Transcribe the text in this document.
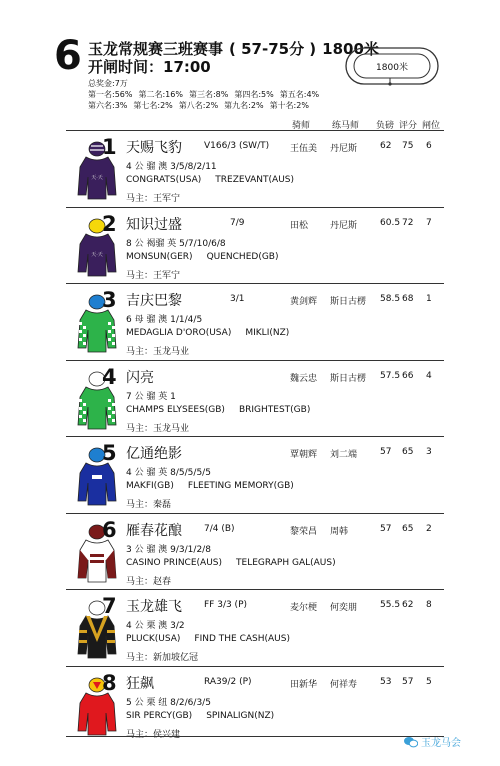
6 玉龙常规赛三班赛事 ( 57-75分 ) 1800米
开闸时间：17:00
总奖金:7万
第一名:56% 第二名:16% 第三名:8% 第四名:5% 第五名:4%
第六名:3% 第七名:2% 第八名:2% 第九名:2% 第十名:2%
1800米
骑师 练马师 负磅 评分 闸位
天·天
1 天赐飞豹 V166/3 (SW/T) 王伍美 丹尼斯	62 75 6
4 公 骝 澳 3/5/8/2/11
CONGRATS(USA) TREZEVANT(AUS)
马主：王军宁
天·天
2 知识过盛	7/9	田松 丹尼斯	60.5 72 7
8 公 褐骝 英 5/7/10/6/8
MONSUN(GER) QUENCHED(GB)
马主：王军宁
3 吉庆巴黎	3/1	黄剑辉 斯日古楞 58.5 68 1
6 母 骝 澳 1/1/4/5
MEDAGLIA D'ORO(USA) MIKLI(NZ)
马主：玉龙马业
4 闪亮	魏云忠 斯日古楞 57.5 66 4
7 公 骝 英 1
CHAMPS ELYSEES(GB) BRIGHTEST(GB)
马主：玉龙马业
5 亿通绝影	覃朝辉 刘二端	57 65 3
4 公 骝 英 8/5/5/5/5
MAKFI(GB) FLEETING MEMORY(GB)
马主：秦磊
6 雁春花酿 7/4 (B)	黎荣昌 周韩	57 65 2
3 公 骝 澳 9/3/1/2/8
CASINO PRINCE(AUS) TELEGRAPH GAL(AUS)
马主：赵春
7 玉龙雄飞 FF 3/3 (P)	麦尔梗 何奕朋	55.5 62 8
4 公 栗 澳 3/2
PLUCK(USA) FIND THE CASH(AUS)
马主：新加坡亿冠
8 狂飙	RA39/2 (P)	田新华 何祥寿	53 57 5
5 公 栗 纽 8/2/6/3/5
SIR PERCY(GB) SPINALIGN(NZ)
马主：侯兴建
玉龙马会
